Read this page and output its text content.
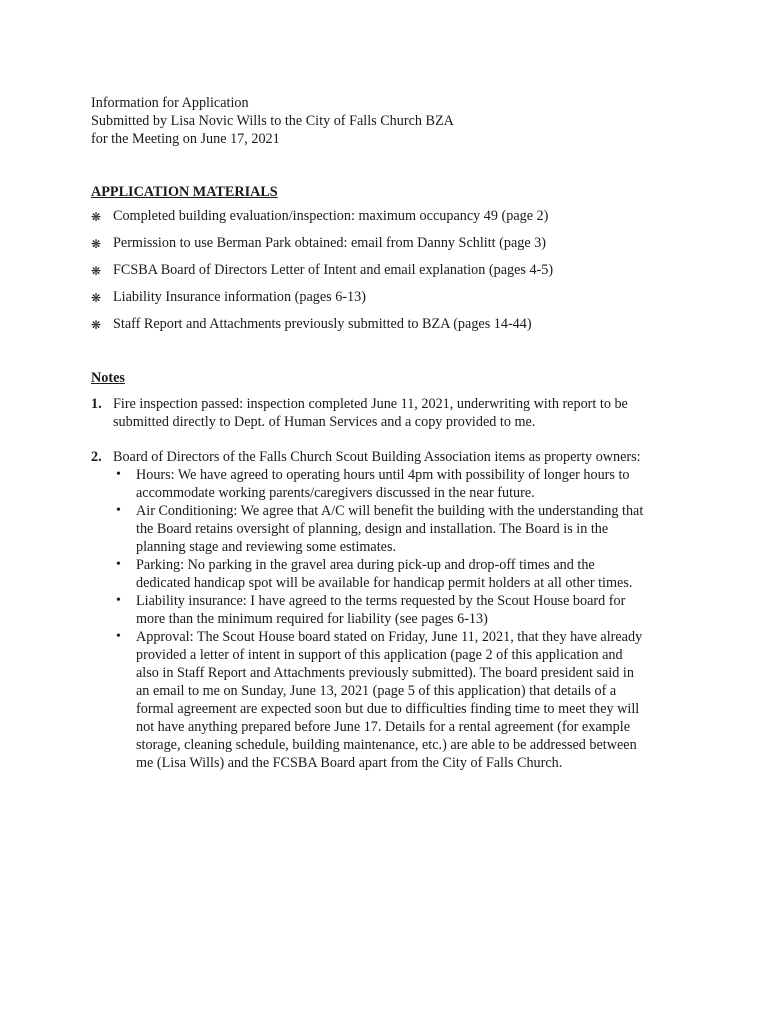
Information for Application
Submitted by Lisa Novic Wills to the City of Falls Church BZA
for the Meeting on June 17, 2021
APPLICATION MATERIALS
❋ Completed building evaluation/inspection: maximum occupancy 49 (page 2)
❋ Permission to use Berman Park obtained: email from Danny Schlitt (page 3)
❋ FCSBA Board of Directors Letter of Intent and email explanation (pages 4-5)
❋ Liability Insurance information (pages 6-13)
❋ Staff Report and Attachments previously submitted to BZA (pages 14-44)
Notes
1. Fire inspection passed: inspection completed June 11, 2021, underwriting with report to be
submitted directly to Dept. of Human Services and a copy provided to me.
2. Board of Directors of the Falls Church Scout Building Association items as property owners:
• Hours: We have agreed to operating hours until 4pm with possibility of longer hours to
accommodate working parents/caregivers discussed in the near future.
• Air Conditioning: We agree that A/C will benefit the building with the understanding that
the Board retains oversight of planning, design and installation. The Board is in the
planning stage and reviewing some estimates.
• Parking: No parking in the gravel area during pick-up and drop-off times and the
dedicated handicap spot will be available for handicap permit holders at all other times.
• Liability insurance: I have agreed to the terms requested by the Scout House board for
more than the minimum required for liability (see pages 6-13)
• Approval: The Scout House board stated on Friday, June 11, 2021, that they have already
provided a letter of intent in support of this application (page 2 of this application and
also in Staff Report and Attachments previously submitted). The board president said in
an email to me on Sunday, June 13, 2021 (page 5 of this application) that details of a
formal agreement are expected soon but due to difficulties finding time to meet they will
not have anything prepared before June 17. Details for a rental agreement (for example
storage, cleaning schedule, building maintenance, etc.) are able to be addressed between
me (Lisa Wills) and the FCSBA Board apart from the City of Falls Church.
